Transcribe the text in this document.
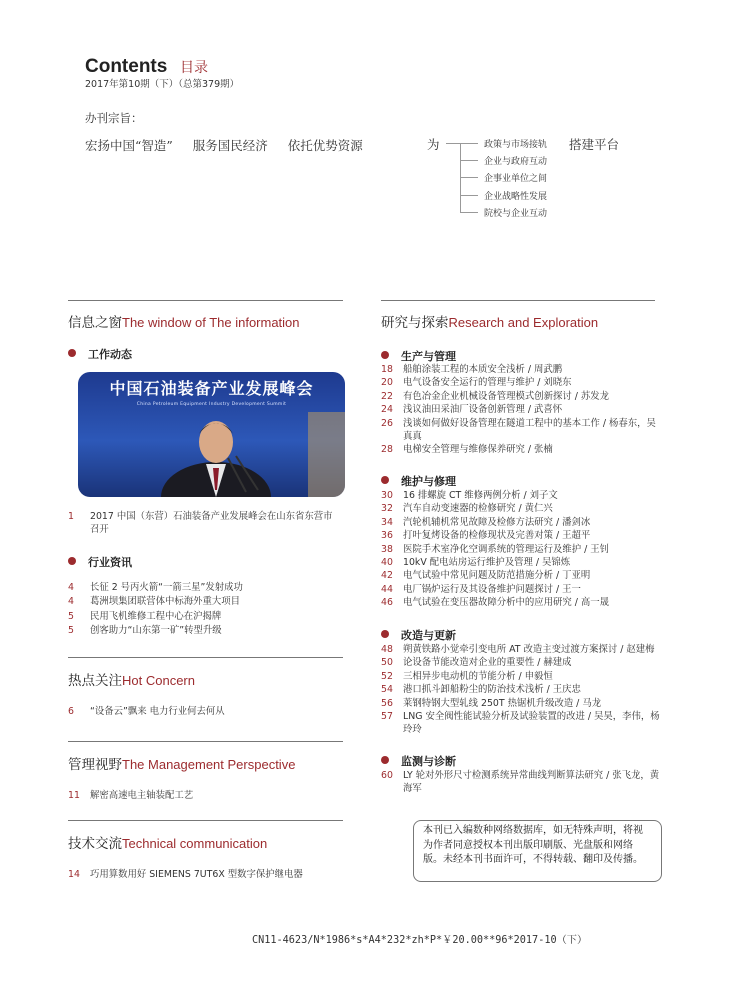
Contents 目录
2017年第10期（下）（总第379期）
办刊宗旨：
宏扬中国“智造” 服务国民经济 依托优势资源	为	政策与市场接轨
企业与政府互动
企事业单位之间
企业战略性发展
院校与企业互动
搭建平台
信息之窗The window of The information
工作动态
中国石油装备产业发展峰会
China Petroleum Equipment Industry Development Summit
1 2017 中国（东营）石油装备产业发展峰会在山东省东营市召开
行业资讯
4 长征 2 号丙火箭“一箭三星”发射成功
4 葛洲坝集团联营体中标海外重大项目
5 民用飞机维修工程中心在沪揭牌
5 创客助力“山东第一矿”转型升级
热点关注Hot Concern
6 “设备云”飘来 电力行业何去何从
管理视野The Management Perspective
11 解密高速电主轴装配工艺
技术交流Technical communication
14 巧用算数用好 SIEMENS 7UT6X 型数字保护继电器
研究与探索Research and Exploration
生产与管理
18 船舶涂装工程的本质安全浅析 / 周武鹏
20 电气设备安全运行的管理与维护 / 刘晓东
22 有色冶金企业机械设备管理模式创新探讨 / 苏发龙
24 浅议油田采油厂设备创新管理 / 武喜怀
26 浅谈如何做好设备管理在隧道工程中的基本工作 / 杨春东，吴真真
28 电梯安全管理与维修保养研究 / 张楠
维护与修理
30 16 排螺旋 CT 维修两例分析 / 刘子文
32 汽车自动变速器的检修研究 / 黄仁兴
34 汽轮机辅机常见故障及检修方法研究 / 潘剑冰
36 打叶复烤设备的检修现状及完善对策 / 王超平
38 医院手术室净化空调系统的管理运行及维护 / 王钊
40 10kV 配电站房运行维护及管理 / 吴锦炼
42 电气试验中常见问题及防范措施分析 / 丁亚明
44 电厂锅炉运行及其设备维护问题探讨 / 王一
46 电气试验在变压器故障分析中的应用研究 / 高一晟
改造与更新
48 朔黄铁路小觉牵引变电所 AT 改造主变过渡方案探讨 / 赵建梅
50 论设备节能改造对企业的重要性 / 赫建成
52 三相异步电动机的节能分析 / 申毅恒
54 港口抓斗卸船粉尘的防治技术浅析 / 王庆忠
56 莱钢特钢大型轧线 250T 热锯机升级改造 / 马龙
57 LNG 安全阀性能试验分析及试验装置的改进 / 吴昊，李伟，杨玲玲
监测与诊断
60 LY 轮对外形尺寸检测系统异常曲线判断算法研究 / 张飞龙，黄海军
本刊已入编数种网络数据库，如无特殊声明，将视为作者同意授权本刊出版印刷版、光盘版和网络版。未经本刊书面许可，不得转载、翻印及传播。
CN11-4623/N*1986*s*A4*232*zh*P*￥20.00**96*2017-10（下）
